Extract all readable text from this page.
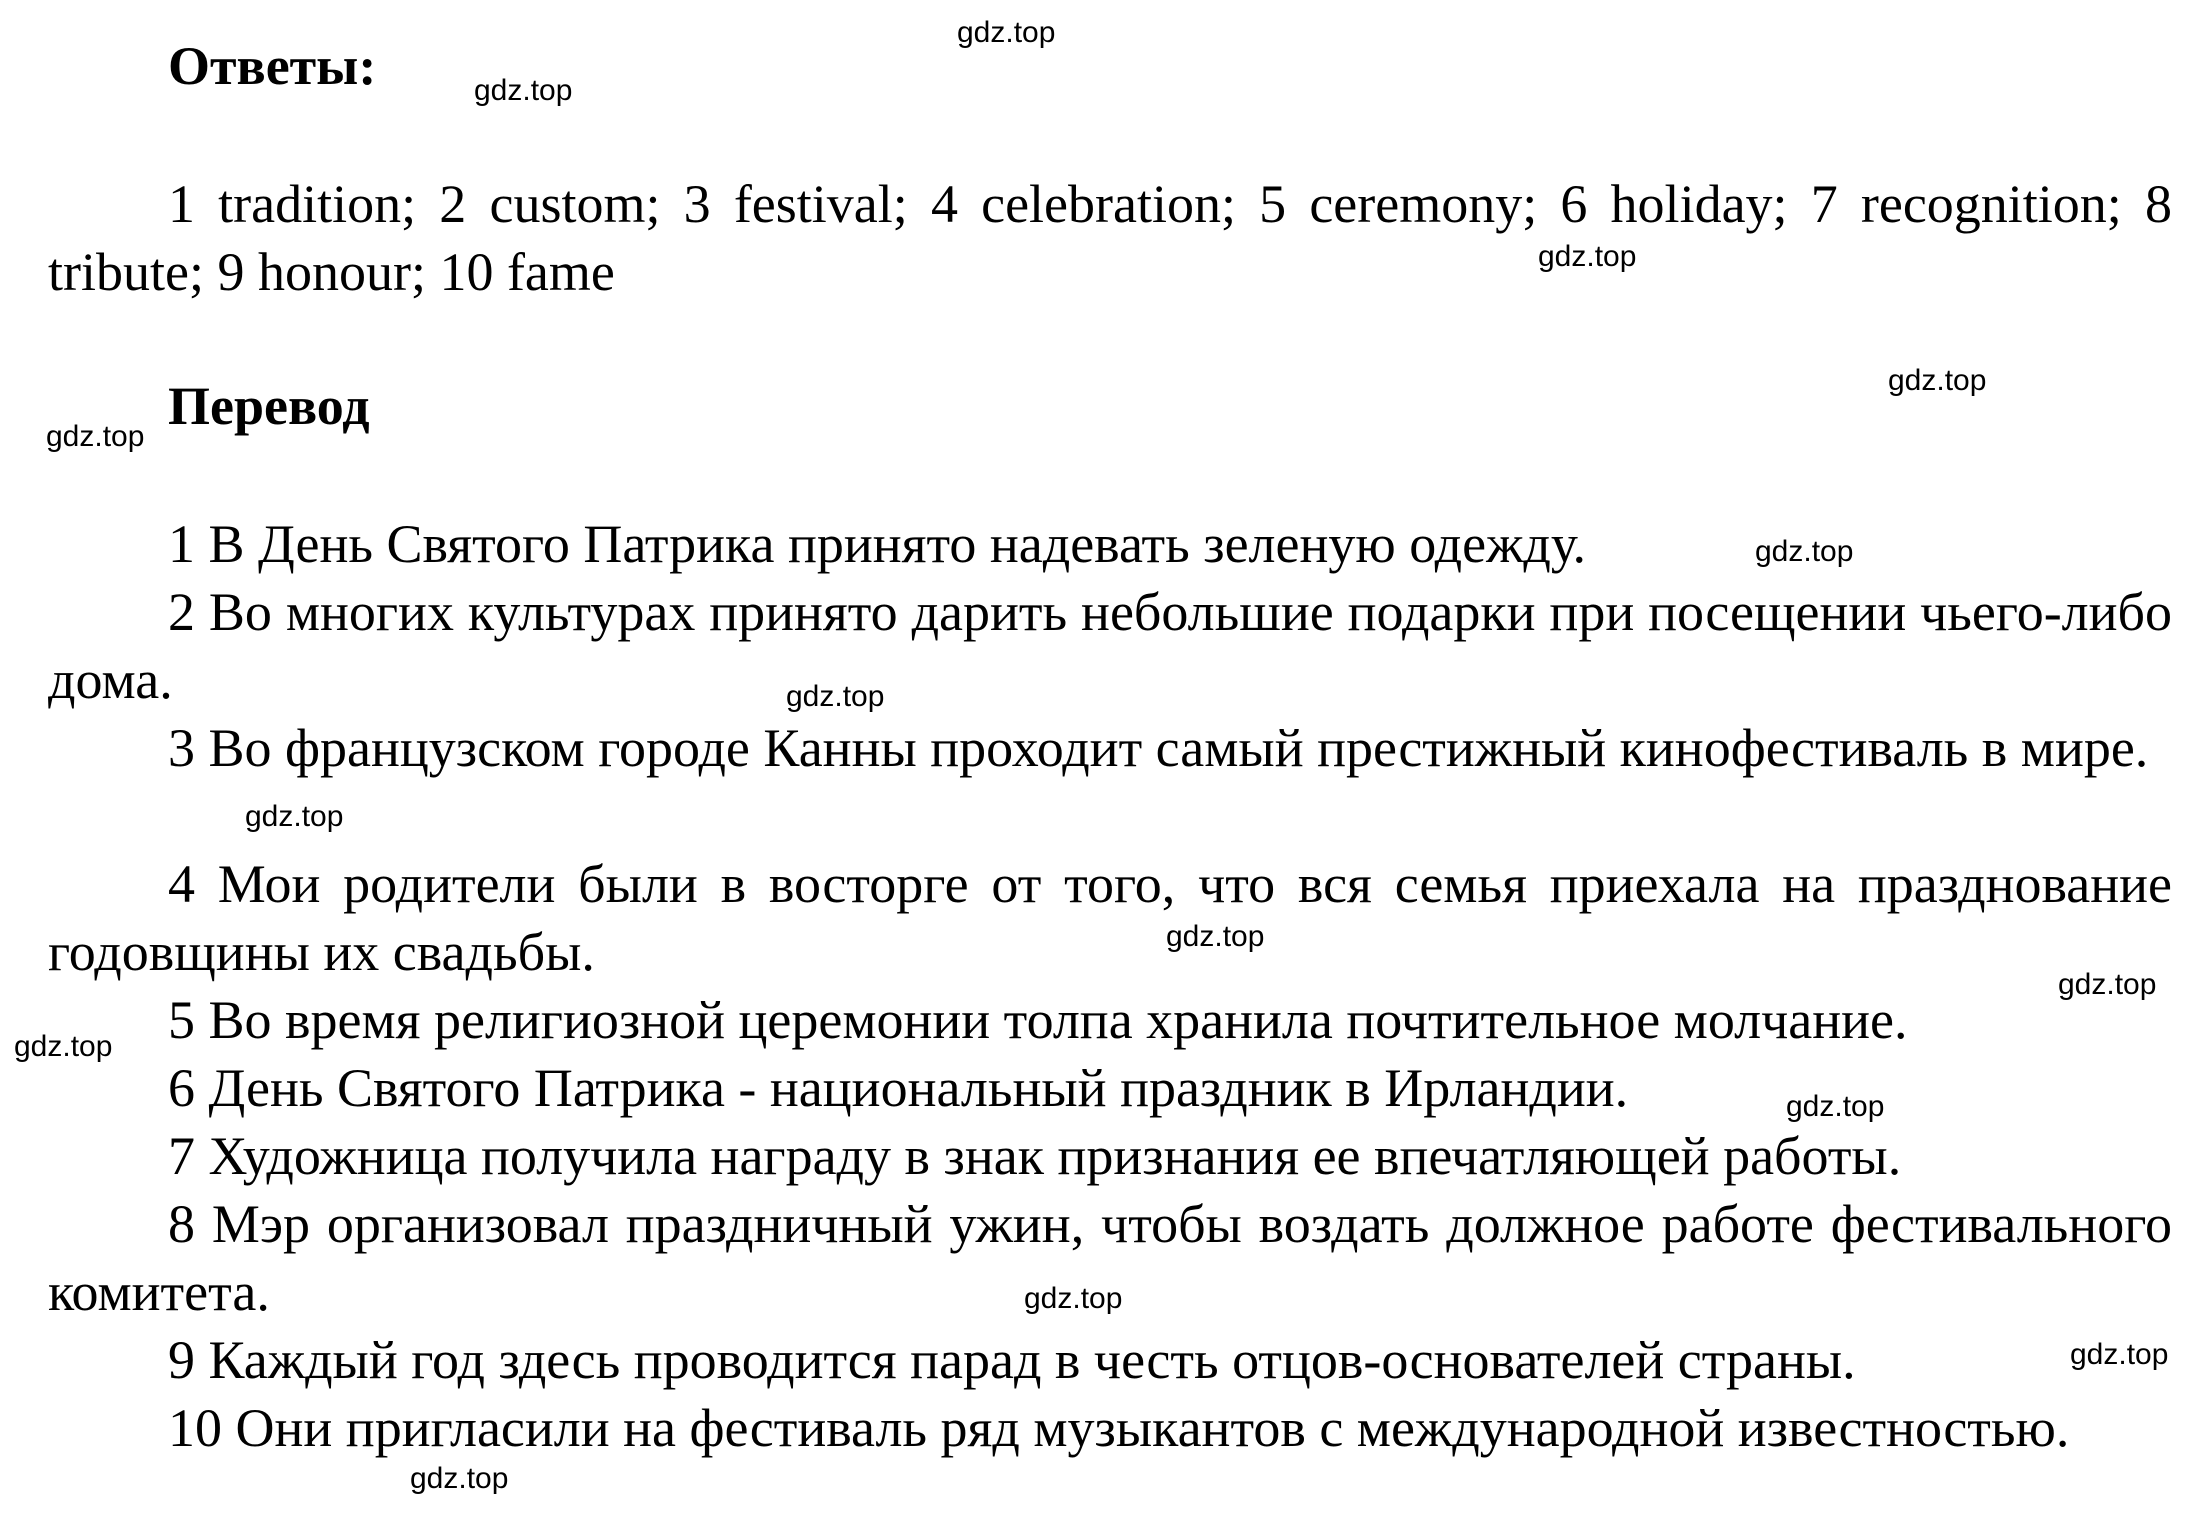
Ответы:

1 tradition; 2 custom; 3 festival; 4 celebration; 5 ceremony; 6 holiday; 7 recognition; 8 tribute; 9 honour; 10 fame

Перевод

1 В День Святого Патрика принято надевать зеленую одежду.

2 Во многих культурах принято дарить небольшие подарки при посещении чьего-либо дома.

3 Во французском городе Канны проходит самый престижный кинофестиваль в мире.

4 Мои родители были в восторге от того, что вся семья приехала на празднование годовщины их свадьбы.

5 Во время религиозной церемонии толпа хранила почтительное молчание.

6 День Святого Патрика - национальный праздник в Ирландии.

7 Художница получила награду в знак признания ее впечатляющей работы.

8 Мэр организовал праздничный ужин, чтобы воздать должное работе фестивального комитета.

9 Каждый год здесь проводится парад в честь отцов-основателей страны.

10 Они пригласили на фестиваль ряд музыкантов с международной известностью.

gdz.top
gdz.top
gdz.top
gdz.top
gdz.top
gdz.top
gdz.top
gdz.top
gdz.top
gdz.top
gdz.top
gdz.top
gdz.top
gdz.top
gdz.top
